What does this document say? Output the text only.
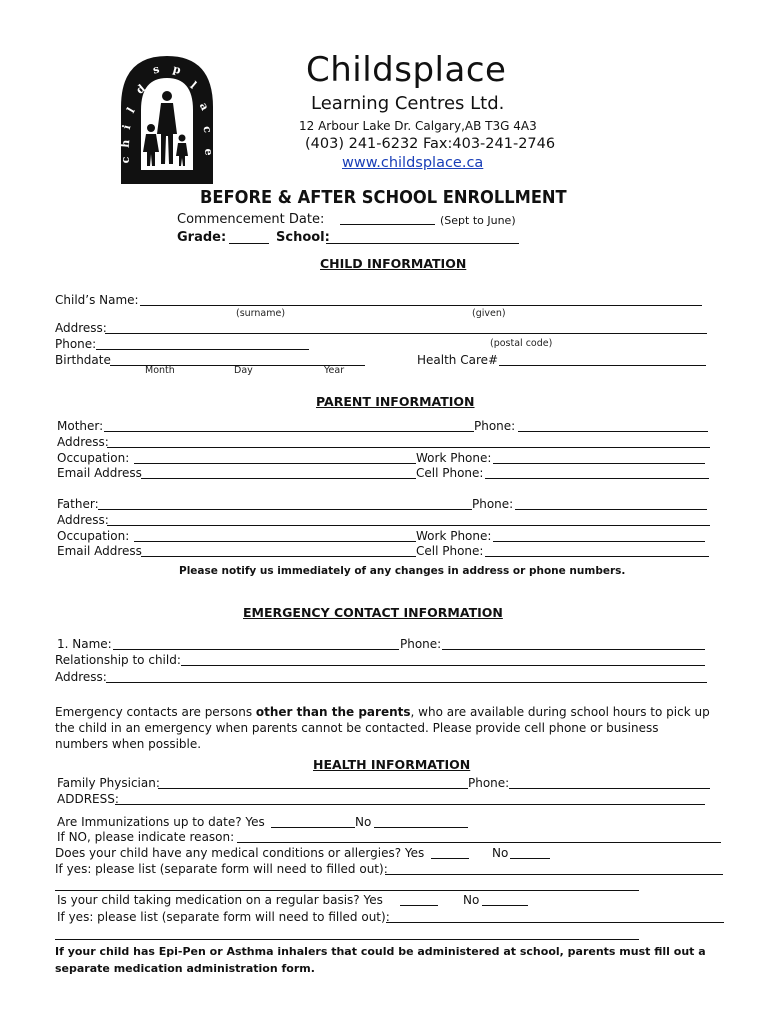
c
h
i
l
d
s p
l
a
c
e
Childsplace
Learning Centres Ltd.
12 Arbour Lake Dr. Calgary,AB T3G 4A3
(403) 241-6232 Fax:403-241-2746
www.childsplace.ca
BEFORE & AFTER SCHOOL ENROLLMENT
Commencement Date:	(Sept to June)
Grade:	School:
CHILD INFORMATION
Child’s Name:
(surname)	(given)
Address:
Phone:	(postal code)
Birthdate	Health Care#
Month	Day	Year
PARENT INFORMATION
Mother:	Phone:
Address:
Occupation:	Work Phone:
Email Address	Cell Phone:
Father:	Phone:
Address:
Occupation:	Work Phone:
Email Address	Cell Phone:
Please notify us immediately of any changes in address or phone numbers.
EMERGENCY CONTACT INFORMATION
1. Name:	Phone:
Relationship to child:
Address:
Emergency contacts are persons other than the parents, who are available during school hours to pick up
the child in an emergency when parents cannot be contacted. Please provide cell phone or business
numbers when possible.
HEALTH INFORMATION
Family Physician:	Phone:
ADDRESS:
Are Immunizations up to date? Yes	No
If NO, please indicate reason:
Does your child have any medical conditions or allergies? Yes	No
If yes: please list (separate form will need to filled out):
Is your child taking medication on a regular basis? Yes	No
If yes: please list (separate form will need to filled out):
If your child has Epi-Pen or Asthma inhalers that could be administered at school, parents must fill out a
separate medication administration form.
